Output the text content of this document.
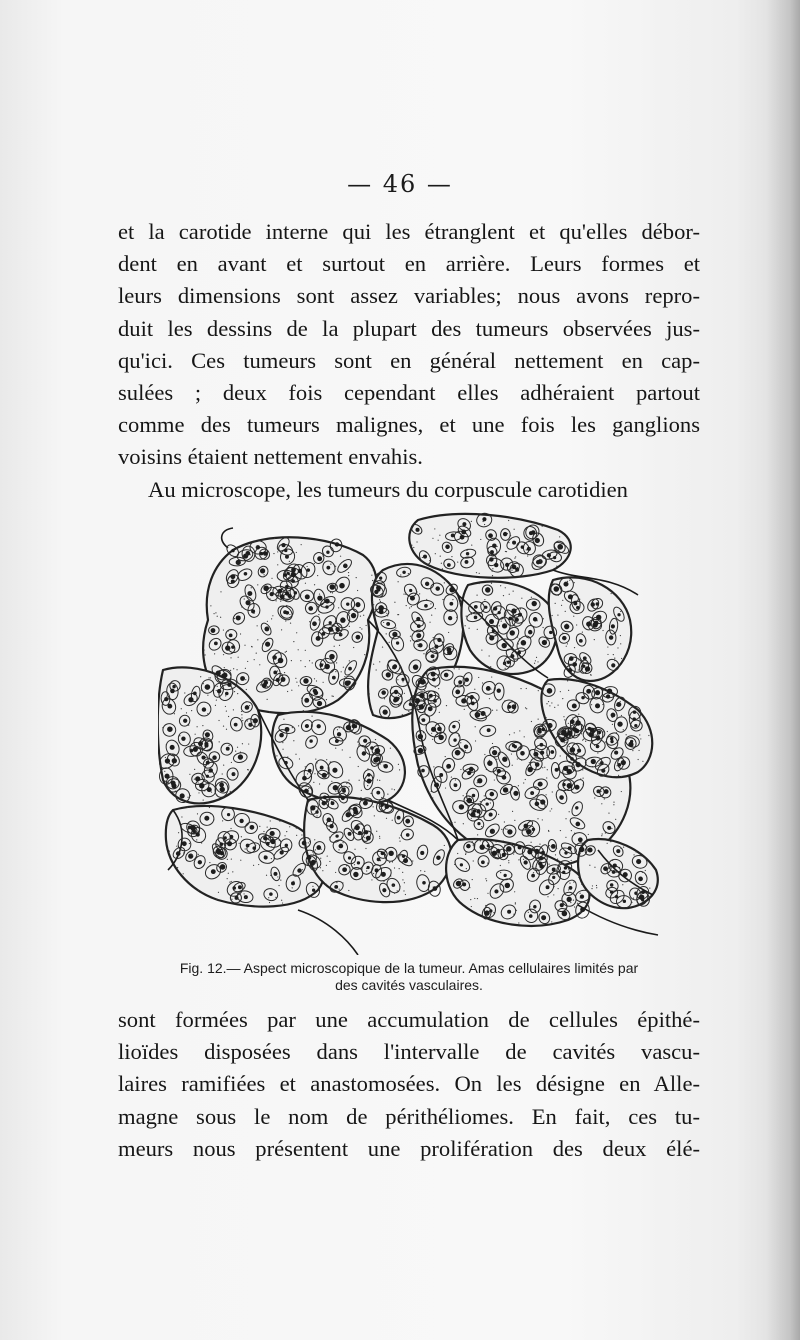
— 46 —
et la carotide interne qui les étranglent et qu'elles débor-
dent en avant et surtout en arrière. Leurs formes et
leurs dimensions sont assez variables; nous avons repro-
duit les dessins de la plupart des tumeurs observées jus-
qu'ici. Ces tumeurs sont en général nettement en cap-
sulées ; deux fois cependant elles adhéraient partout
comme des tumeurs malignes, et une fois les ganglions
voisins étaient nettement envahis.
Au microscope, les tumeurs du corpuscule carotidien
Fig. 12.— Aspect microscopique de la tumeur. Amas cellulaires limités par
des cavités vasculaires.
sont formées par une accumulation de cellules épithé-
lioïdes disposées dans l'intervalle de cavités vascu-
laires ramifiées et anastomosées. On les désigne en Alle-
magne sous le nom de périthéliomes. En fait, ces tu-
meurs nous présentent une prolifération des deux élé-
